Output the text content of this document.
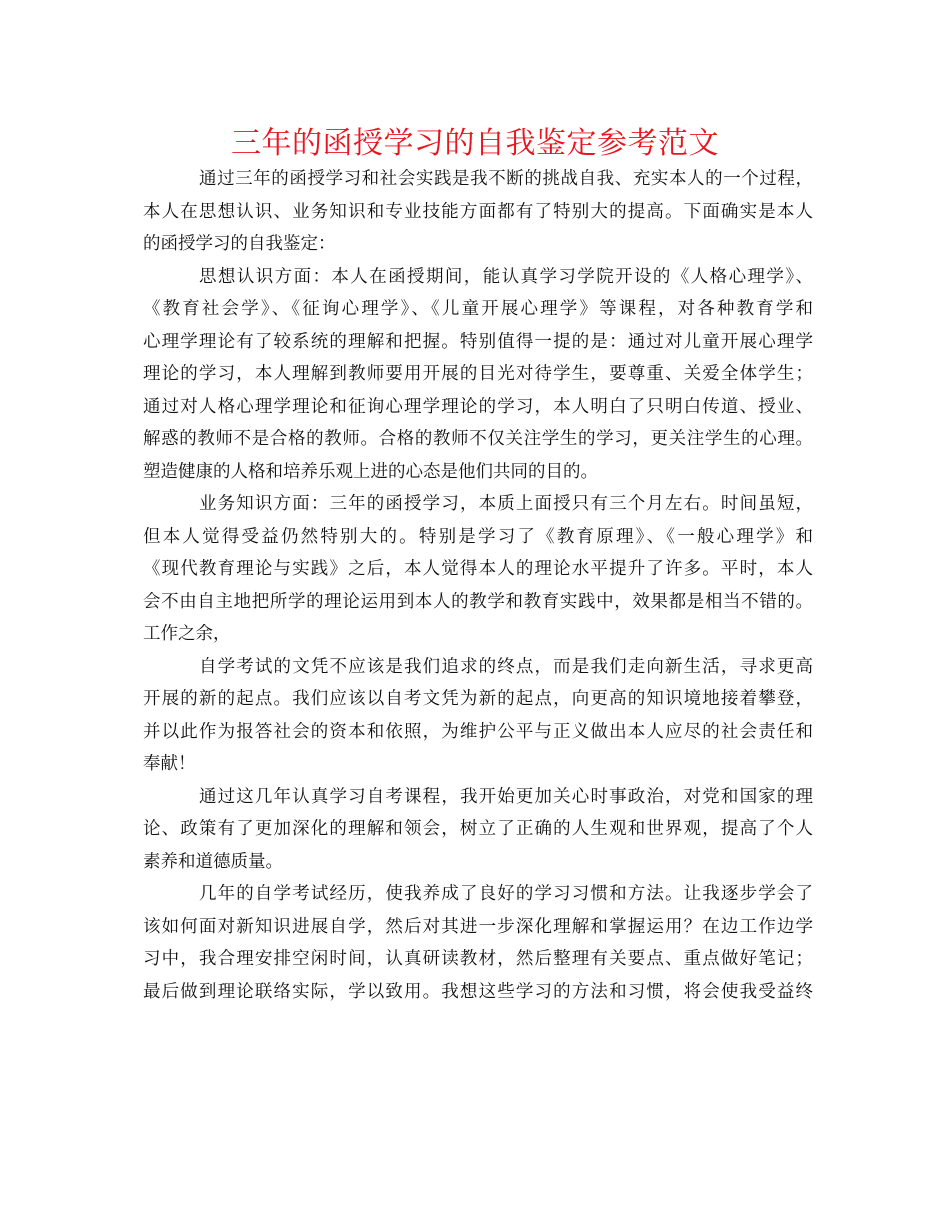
三年的函授学习的自我鉴定参考范文
通过三年的函授学习和社会实践是我不断的挑战自我、充实本人的一个过程，
本人在思想认识、业务知识和专业技能方面都有了特别大的提高。下面确实是本人
的函授学习的自我鉴定：
思想认识方面：本人在函授期间，能认真学习学院开设的《人格心理学》、
《教育社会学》、《征询心理学》、《儿童开展心理学》等课程，对各种教育学和
心理学理论有了较系统的理解和把握。特别值得一提的是：通过对儿童开展心理学
理论的学习，本人理解到教师要用开展的目光对待学生，要尊重、关爱全体学生；
通过对人格心理学理论和征询心理学理论的学习，本人明白了只明白传道、授业、
解惑的教师不是合格的教师。合格的教师不仅关注学生的学习，更关注学生的心理。
塑造健康的人格和培养乐观上进的心态是他们共同的目的。
业务知识方面：三年的函授学习，本质上面授只有三个月左右。时间虽短，
但本人觉得受益仍然特别大的。特别是学习了《教育原理》、《一般心理学》和
《现代教育理论与实践》之后，本人觉得本人的理论水平提升了许多。平时，本人
会不由自主地把所学的理论运用到本人的教学和教育实践中，效果都是相当不错的。
工作之余，
自学考试的文凭不应该是我们追求的终点，而是我们走向新生活，寻求更高
开展的新的起点。我们应该以自考文凭为新的起点，向更高的知识境地接着攀登，
并以此作为报答社会的资本和依照，为维护公平与正义做出本人应尽的社会责任和
奉献！
通过这几年认真学习自考课程，我开始更加关心时事政治，对党和国家的理
论、政策有了更加深化的理解和领会，树立了正确的人生观和世界观，提高了个人
素养和道德质量。
几年的自学考试经历，使我养成了良好的学习习惯和方法。让我逐步学会了
该如何面对新知识进展自学，然后对其进一步深化理解和掌握运用？在边工作边学
习中，我合理安排空闲时间，认真研读教材，然后整理有关要点、重点做好笔记；
最后做到理论联络实际，学以致用。我想这些学习的方法和习惯，将会使我受益终
